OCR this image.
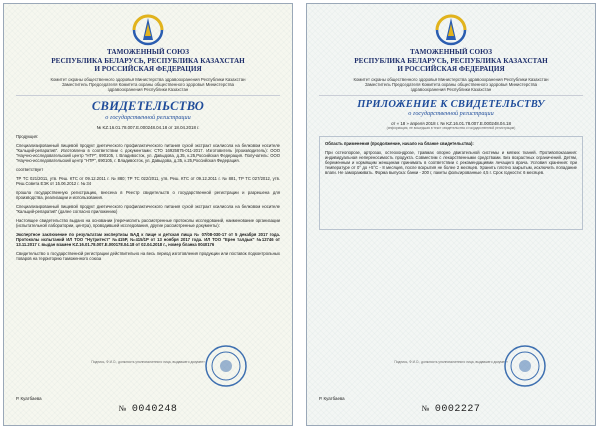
ТАМОЖЕННЫЙ СОЮЗ
РЕСПУБЛИКА БЕЛАРУСЬ, РЕСПУБЛИКА КАЗАХСТАН
И РОССИЙСКАЯ ФЕДЕРАЦИЯ
Комитет охраны общественного здоровья Министерства здравоохранения Республики Казахстан
Заместитель Председателя Комитета охраны общественного здоровья Министерства
здравоохранения Республики Казахстан
СВИДЕТЕЛЬСТВО
о государственной регистрации
№ KZ.16.01.78.007.Е.000248.04.18 от 18.04.2018 г.
Продукция:
Специализированный пищевой продукт диетического профилактического питания сухой экстракт ксилисола на белковом носителе "Кальций-репаратив". Изготовлена в соответствии с документами: СТО 16925875-011-2017. Изготовитель (производитель): ООО "Научно-исследовательский центр "НТР", 690105, г. Владивосток, ул. Давыдова, д.35, к.25,Российская Федерация. Получатель: ООО "Научно-исследовательский центр "НТР", 690105, г. Владивосток, ул. Давыдова, д.35, к.25,Российская Федерация.
соответствует
ТР ТС 021/2011, утв. Реш. КТС от 09.12.2011 г. № 880; ТР ТС 022/2011, утв. Реш. КТС от 09.12.2011 г. № 881, ТР ТС 027/2012, утв. Реш.Совета ЕЭК от 15.06.2012 г. № 34
прошла государственную регистрацию, внесена в Реестр свидетельств о государственной регистрации и разрешена для производства, реализации и использования.
Специализированный пищевой продукт диетического профилактического питания сухой экстракт ксилисола на белковом носителе "Кальций-репаратив" (далее согласно приложению)
Настоящее свидетельство выдано на основании (перечислить рассмотренные протоколы исследований, наименование организации (испытательной лаборатории, центра), проводившей исследования, другие рассмотренные документы):
Экспертное заключение по результатам экспертизы БАД к пище и детская пища № 07/08-030-17 от 5 декабря 2017 года. Протоколы испытаний ИЛ ТОО "Нутритест" №415Р, №415/1Р от 13 ноября 2017 года. ИЛ ТОО "Ерен талдык" №12746 от 13.11.2017 г. выдан взамен KZ.16.01.78.007.Е.000178.04.18 от 02.04.2018 г., номер бланка 0040176
Свидетельство о государственной регистрации действительно на весь период изготовления продукции или поставок подконтрольных товаров на территорию таможенного союза
Подпись, Ф.И.О., должность уполномоченного лица, выдавшего документ
Р. Куатбаева
№ 0040248
ТАМОЖЕННЫЙ СОЮЗ
РЕСПУБЛИКА БЕЛАРУСЬ, РЕСПУБЛИКА КАЗАХСТАН
И РОССИЙСКАЯ ФЕДЕРАЦИЯ
Комитет охраны общественного здоровья Министерства здравоохранения Республики Казахстан
Заместитель Председателя Комитета охраны общественного здоровья Министерства
здравоохранения Республики Казахстан
ПРИЛОЖЕНИЕ К СВИДЕТЕЛЬСТВУ
о государственной регистрации
от « 18 » апреля 2018 г. № KZ.16.01.78.007.Е.000248.04.18
(информация, не вошедшая в текст свидетельства о государственной регистрации)
Область применения (продолжение, начало на бланке свидетельства):
При остеопорозе, артрозах, остеохондрозе, травмах опорно двигательной системы и мягких тканей. Противопоказания: индивидуальная непереносимость продукта. Совместим с лекарственными средствами. Без возрастных ограничений. Детям, беременным и кормящим женщинам принимать в соответствии с рекомендациями лечащего врача. Условия хранения: при температуре от 0° до +5°С - 8 месяцев, после вскрытия не более 2 месяцев. Хранить плотно закрытым, исключить попадание влаги. Не замораживать. Форма выпуска: банки - 200 г, пакеты фольгированные 4,5 г. Срок годности: 6 месяцев.
Подпись, Ф.И.О., должность уполномоченного лица, выдавшего документ
Р. Куатбаева
№ 0002227
